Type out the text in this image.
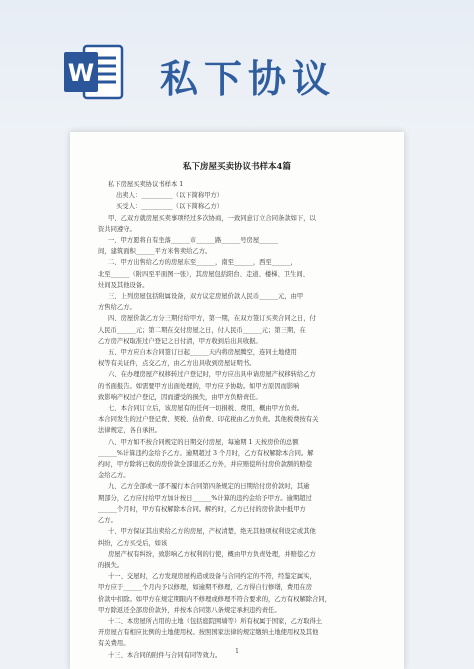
W 私下协议
私下房屋买卖协议书样本4篇
私下房屋买卖协议书样本 1
出卖人：__________（以下简称甲方）
买受人：__________（以下简称乙方）
甲、乙双方就房屋买卖事项经过多次协商，一致同意订立合同条款如下，以
资共同遵守。
一、甲方愿将自有坐落______市______路______号房屋______
间，建筑面积______平方米售卖给乙方。
二、甲方出售给乙方的房屋东至______，南至______，西至______，
北至______（附四至平面图一张），其房屋包括阳台、走道、楼梯、卫生间、
灶间及其他设备。
三、上列房屋包括附属设备，双方议定房屋价款人民币______元，由甲
方售给乙方。
四、房屋价款乙方分三期付给甲方，第一期，在双方签订买卖合同之日，付
人民币______元；第二期在交付房屋之日，付人民币______元；第三期，在
乙方房产权取准过户登记之日付清，甲方收到后出具收据。
五、甲方应自本合同签订日起______天内将房屋腾空，连同土地使用
权等有关证件，点交乙方，由乙方出具收到房屋证明书。
六、在办理房屋产权移转过户登记时，甲方应出具申请房屋产权移转给乙方
的书面报告。如需要甲方出面处理的，甲方应予协助。如甲方原因而影响
致影响产权过户登记，因而遭受的损失，由甲方负赔责任。
七、本合同订立后，该房屋有的任何一切捐税、费用，概由甲方负责。
本合同发生的过户登记费、契税、估价费、印花税由乙方负责。其他税费按有关
法律规定，各自承担。
八、甲方如不按合同规定的日期交付房屋，每逾期 1 天按房价的总额
______%计算违约金给予乙方。逾期超过 3 个月时，乙方有权解除本合同。解
约时，甲方除将已收的房价款全部退还乙方外，并应赔偿所付房价款额的赔偿
金给乙方。
九、乙方全部或一部不履行本合同第四条规定的日期给付房价款时，其逾
期部分，乙方应付给甲方加计按日______%计算的违约金给予甲方。逾期超过
______个月时，甲方有权解除本合同。解约时，乙方已付的房价款中抵甲方
乙方。
十、甲方保证其出卖给乙方的房屋，产权清楚，绝无其他项权利设定或其他
纠纷，乙方买受后，如该
房屋产权有纠纷，致影响乙方权利的行使，概由甲方负责处理，并赔偿乙方
的损失。
十一、交屋时，乙方发现房屋构造或设备与合同约定的不符，经鉴定属实，
甲方应于______个月内予以修理，如逾期不修理，乙方得自行修缮，费用在房
价款中扣除。如甲方在规定期限内不修理或修理不符合要求的，乙方有权解除合同，
甲方除返还全部房价款外，并按本合同第八条规定承担违约责任。
十二、本房屋所占用的土地（包括庭院围墙等）所有权属于国家，乙方取得土
开房屋占有相应比例的土地使用权。按照国家法律的规定缴纳土地使用权及其他
有关费用。
十三、本合同的附件与合同有同等效力。
1
